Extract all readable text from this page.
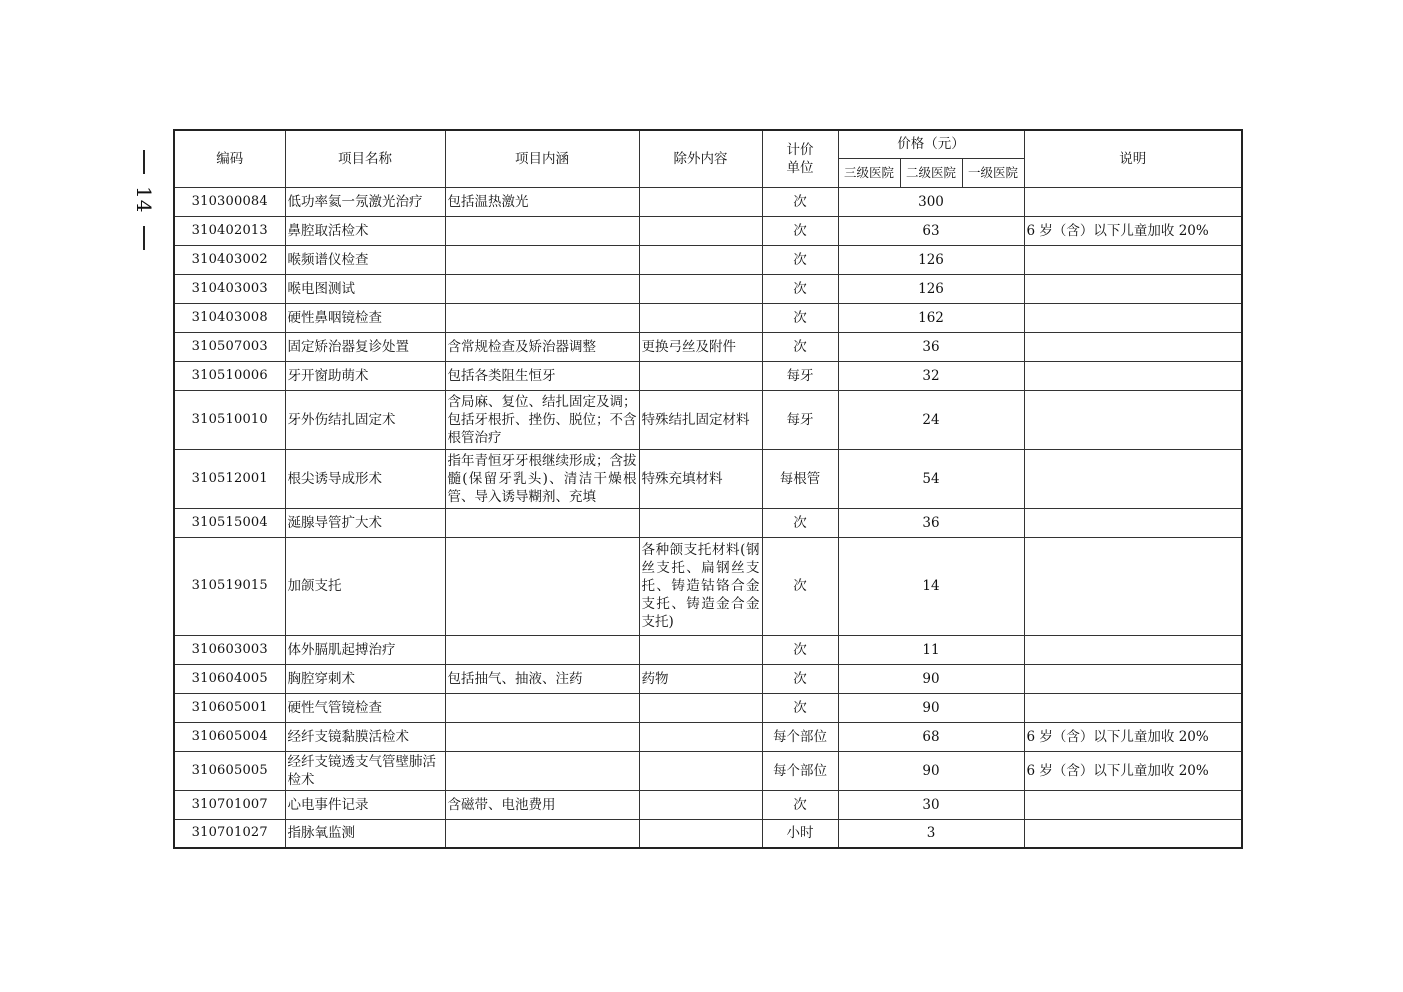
14
编码	项目名称	项目内涵	除外内容	计价单位	价格（元）			说明
					三级医院	二级医院	一级医院	
310300084	低功率氦一氖激光治疗	包括温热激光		次	300			
310402013	鼻腔取活检术			次	63			6 岁（含）以下儿童加收 20%
310403002	喉频谱仪检查			次	126			
310403003	喉电图测试			次	126			
310403008	硬性鼻咽镜检查			次	162			
310507003	固定矫治器复诊处置	含常规检查及矫治器调整	更换弓丝及附件	次	36			
310510006	牙开窗助萌术	包括各类阻生恒牙		每牙	32			
310510010	牙外伤结扎固定术	含局麻、复位、结扎固定及调；包括牙根折、挫伤、脱位；不含根管治疗	特殊结扎固定材料	每牙	24			
310512001	根尖诱导成形术	指年青恒牙牙根继续形成；含拔髓(保留牙乳头)、清洁干燥根管、导入诱导糊剂、充填	特殊充填材料	每根管	54			
310515004	涎腺导管扩大术			次	36			
310519015	加颌支托		各种颌支托材料(钢丝支托、扁钢丝支托、铸造钴铬合金支托、铸造金合金支托)	次	14			
310603003	体外膈肌起搏治疗			次	11			
310604005	胸腔穿刺术	包括抽气、抽液、注药	药物	次	90			
310605001	硬性气管镜检查			次	90			
310605004	经纤支镜黏膜活检术			每个部位	68			6 岁（含）以下儿童加收 20%
310605005	经纤支镜透支气管壁肺活检术			每个部位	90			6 岁（含）以下儿童加收 20%
310701007	心电事件记录	含磁带、电池费用		次	30			
310701027	指脉氧监测			小时	3			
